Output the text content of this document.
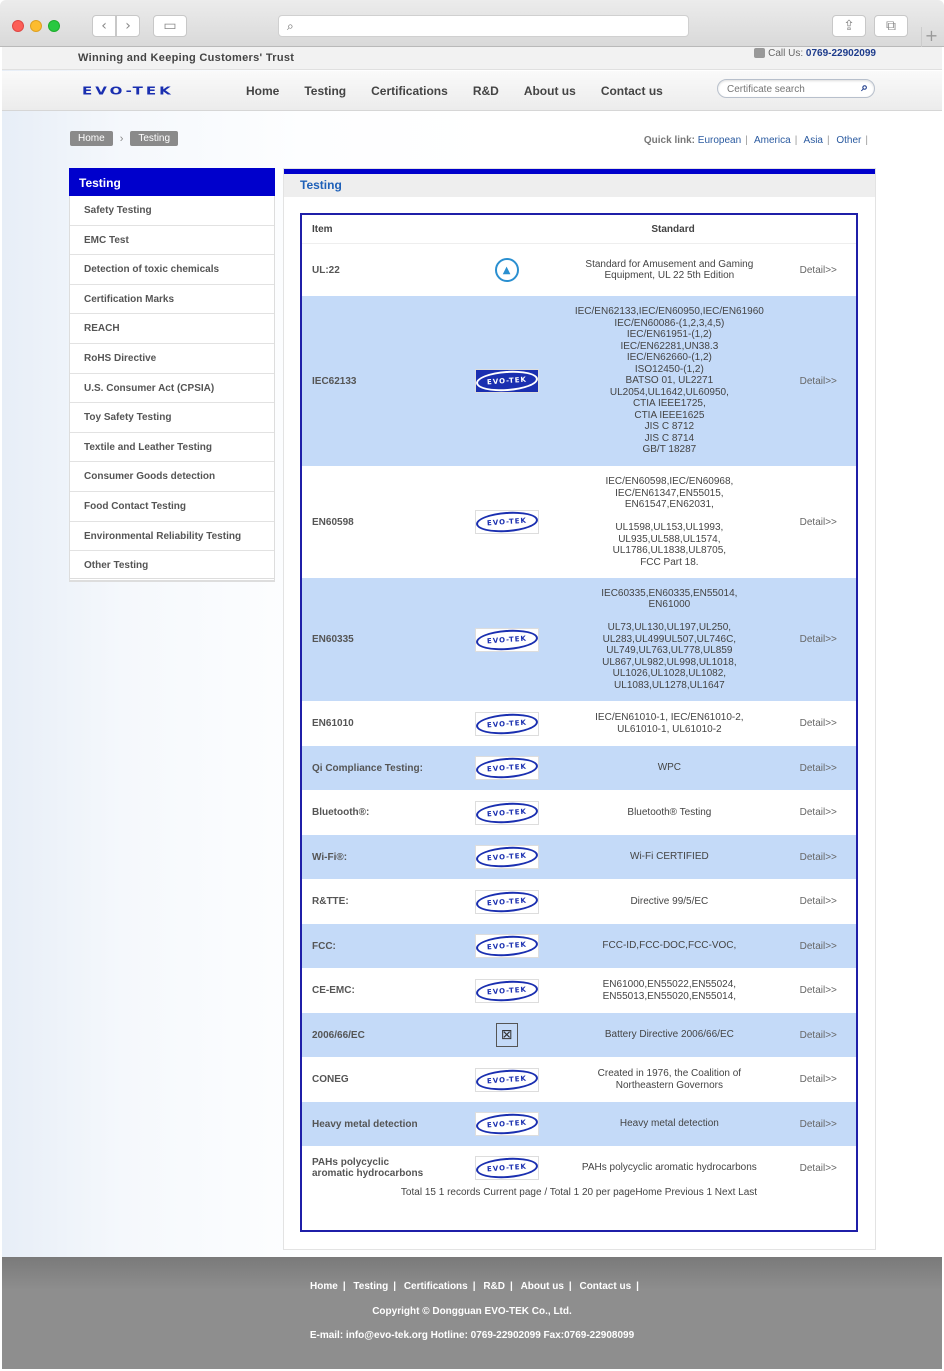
‹	›	▭	⌕	⇪	⧉	+
Winning and Keeping Customers' Trust	Call Us: 0769-22902099
EVO-TEK	Home Testing Certifications R&D About us Contact us
Certificate search	⌕
Home	›	Testing	Quick link: European | America | Asia | Other |
Testing
Safety Testing
EMC Test
Detection of toxic chemicals
Certification Marks
REACH
RoHS Directive
U.S. Consumer Act (CPSIA)
Toy Safety Testing
Textile and Leather Testing
Consumer Goods detection
Food Contact Testing
Environmental Reliability Testing
Other Testing
Testing
Item	Standard
UL:22	▲
Standard for Amusement and Gaming
Equipment, UL 22 5th Edition	Detail>>
IEC62133	EVO-TEK
IEC/EN62133,IEC/EN60950,IEC/EN61960
IEC/EN60086-(1,2,3,4,5)
IEC/EN61951-(1,2)
IEC/EN62281,UN38.3
IEC/EN62660-(1,2)
ISO12450-(1,2)
BATSO 01, UL2271
UL2054,UL1642,UL60950,
CTIA IEEE1725,
CTIA IEEE1625
JIS C 8712
JIS C 8714
GB/T 18287
Detail>>
EN60598	EVO-TEK
IEC/EN60598,IEC/EN60968,
IEC/EN61347,EN55015,
EN61547,EN62031,

UL1598,UL153,UL1993,
UL935,UL588,UL1574,
UL1786,UL1838,UL8705,
FCC Part 18.
Detail>>
EN60335	EVO-TEK
IEC60335,EN60335,EN55014,
EN61000

UL73,UL130,UL197,UL250,
UL283,UL499UL507,UL746C,
UL749,UL763,UL778,UL859
UL867,UL982,UL998,UL1018,
UL1026,UL1028,UL1082,
UL1083,UL1278,UL1647
Detail>>
EN61010	EVO-TEK
IEC/EN61010-1, IEC/EN61010-2,
UL61010-1, UL61010-2	Detail>>
Qi Compliance Testing:	EVO-TEK	WPC	Detail>>
Bluetooth®:	EVO-TEK	Bluetooth® Testing	Detail>>
Wi-Fi®:	EVO-TEK	Wi-Fi CERTIFIED	Detail>>
R&TTE:	EVO-TEK	Directive 99/5/EC	Detail>>
FCC:	EVO-TEK	FCC-ID,FCC-DOC,FCC-VOC,	Detail>>
CE-EMC:	EVO-TEK
EN61000,EN55022,EN55024,
EN55013,EN55020,EN55014,	Detail>>
2006/66/EC	⊠	Battery Directive 2006/66/EC	Detail>>
CONEG	EVO-TEK
Created in 1976, the Coalition of
Northeastern Governors	Detail>>
Heavy metal detection	EVO-TEK	Heavy metal detection	Detail>>
PAHs polycyclic
aromatic hydrocarbons	EVO-TEK	PAHs polycyclic aromatic hydrocarbons	Detail>>
Total 15 1 records Current page / Total 1 20 per pageHome Previous 1 Next Last
Home | Testing | Certifications | R&D | About us | Contact us |
Copyright © Dongguan EVO-TEK Co., Ltd.
E-mail: info@evo-tek.org Hotline: 0769-22902099 Fax:0769-22908099
